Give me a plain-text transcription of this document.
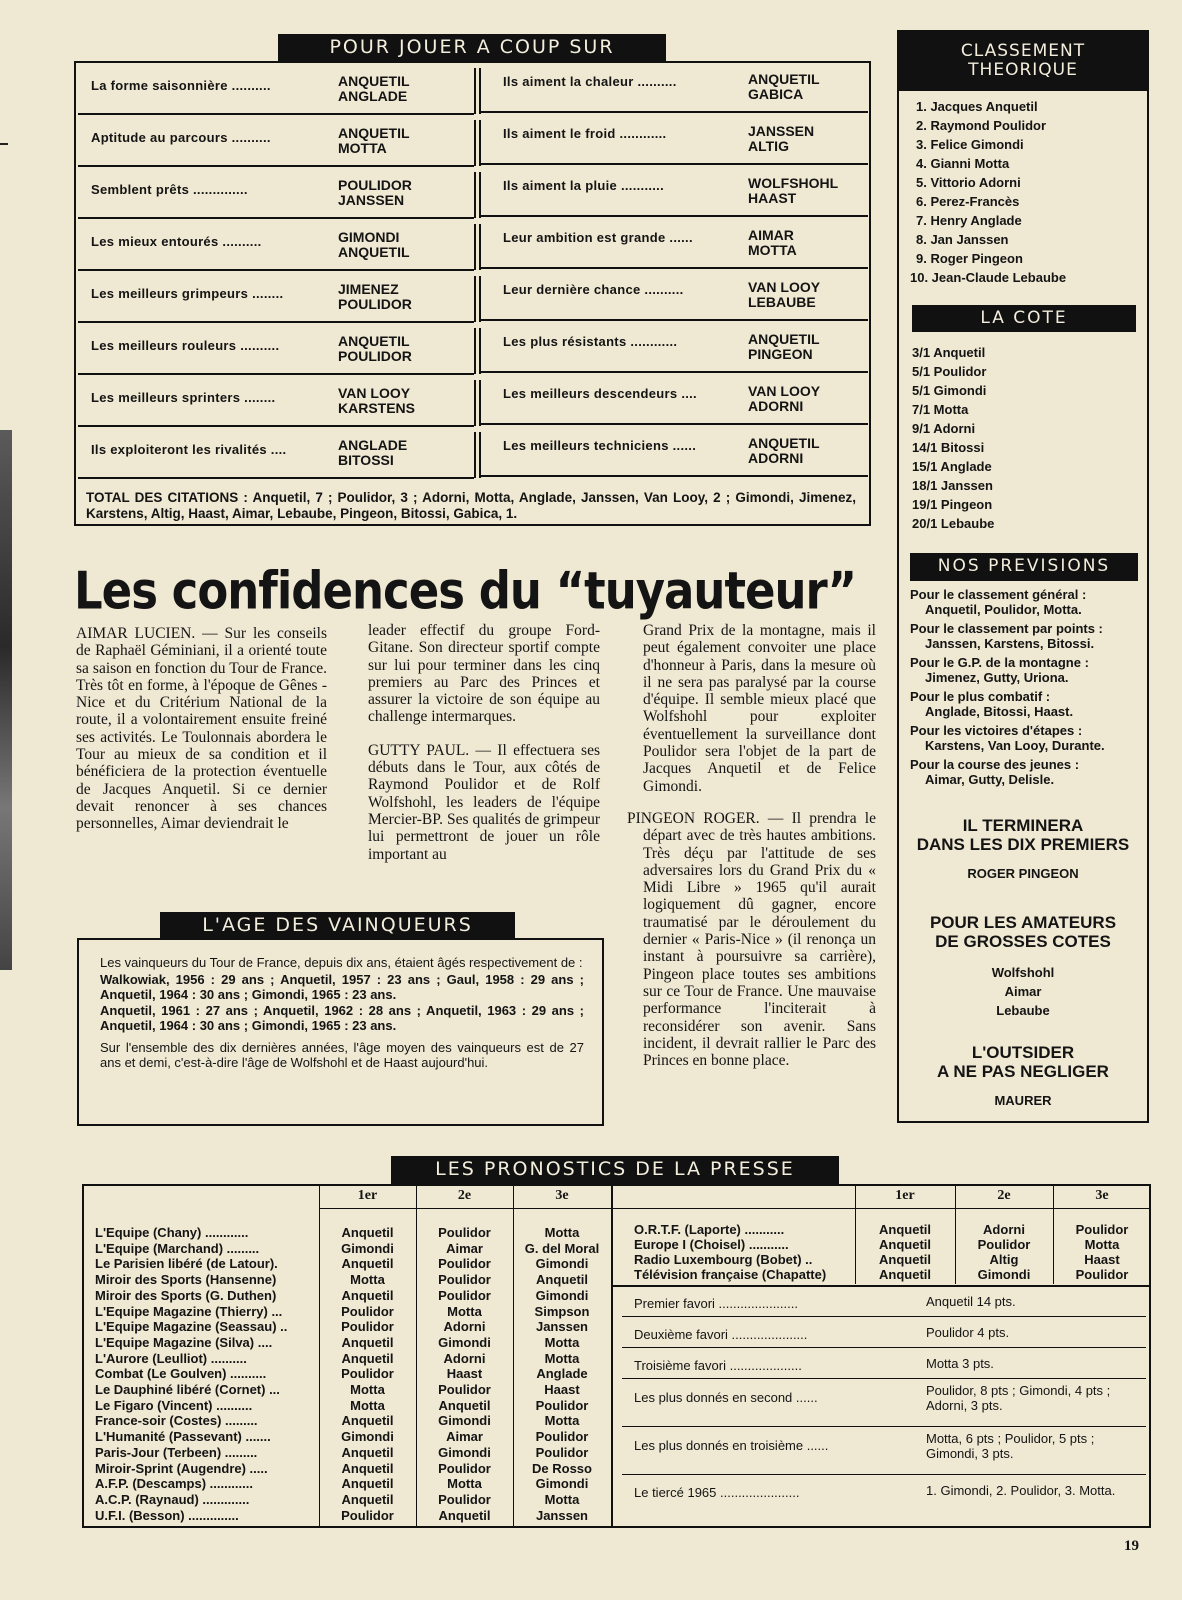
POUR JOUER A COUP SUR
La forme saisonnière ..........	ANQUETIL
ANGLADE
Ils aiment la chaleur ..........	ANQUETIL
GABICA
Aptitude au parcours ..........	ANQUETIL
MOTTA
Ils aiment le froid ............	JANSSEN
ALTIG
Semblent prêts ..............	POULIDOR
JANSSEN
Ils aiment la pluie ...........	WOLFSHOHL
HAAST
Les mieux entourés ..........	GIMONDI
ANQUETIL
Leur ambition est grande ......	AIMAR
MOTTA
Les meilleurs grimpeurs ........	JIMENEZ
POULIDOR
Leur dernière chance ..........	VAN LOOY
LEBAUBE
Les meilleurs rouleurs ..........	ANQUETIL
POULIDOR
Les plus résistants ............	ANQUETIL
PINGEON
Les meilleurs sprinters ........	VAN LOOY
KARSTENS
Les meilleurs descendeurs ....	VAN LOOY
ADORNI
Ils exploiteront les rivalités ....	ANGLADE
BITOSSI
Les meilleurs techniciens ......	ANQUETIL
ADORNI
TOTAL DES CITATIONS : Anquetil, 7 ; Poulidor, 3 ; Adorni, Motta, Anglade, Janssen, Van Looy, 2 ; Gimondi, Jimenez, Karstens, Altig, Haast, Aimar, Lebaube, Pingeon, Bitossi, Gabica, 1.
CLASSEMENT
THEORIQUE
1. Jacques Anquetil
2. Raymond Poulidor
3. Felice Gimondi
4. Gianni Motta
5. Vittorio Adorni
6. Perez-Francès
7. Henry Anglade
8. Jan Janssen
9. Roger Pingeon
10. Jean-Claude Lebaube
LA COTE
3/1 Anquetil
5/1 Poulidor
5/1 Gimondi
7/1 Motta
9/1 Adorni
14/1 Bitossi
15/1 Anglade
18/1 Janssen
19/1 Pingeon
20/1 Lebaube
NOS PREVISIONS
Pour le classement général :
Anquetil, Poulidor, Motta.
Pour le classement par points :
Janssen, Karstens, Bitossi.
Pour le G.P. de la montagne :
Jimenez, Gutty, Uriona.
Pour le plus combatif :
Anglade, Bitossi, Haast.
Pour les victoires d'étapes :
Karstens, Van Looy, Durante.
Pour la course des jeunes :
Aimar, Gutty, Delisle.
IL TERMINERA
DANS LES DIX PREMIERS
ROGER PINGEON
POUR LES AMATEURS
DE GROSSES COTES
Wolfshohl
Aimar
Lebaube
L'OUTSIDER
A NE PAS NEGLIGER
MAURER
Les confidences du “tuyauteur”
AIMAR LUCIEN. — Sur les conseils de Raphaël Géminiani, il a orienté toute sa saison en fonction du Tour de France. Très tôt en forme, à l'époque de Gênes - Nice et du Critérium National de la route, il a volontairement ensuite freiné ses activités. Le Toulonnais abordera le Tour au mieux de sa condition et il bénéficiera de la protection éventuelle de Jacques Anquetil. Si ce dernier devait renoncer à ses chances personnelles, Aimar deviendrait le

leader effectif du groupe Ford-Gitane. Son directeur sportif compte sur lui pour terminer dans les cinq premiers au Parc des Princes et assurer la victoire de son équipe au challenge intermarques.

GUTTY PAUL. — Il effectuera ses débuts dans le Tour, aux côtés de Raymond Poulidor et de Rolf Wolfshohl, les leaders de l'équipe Mercier-BP. Ses qualités de grimpeur lui permettront de jouer un rôle important au

Grand Prix de la montagne, mais il peut également convoiter une place d'honneur à Paris, dans la mesure où il ne sera pas paralysé par la course d'équipe. Il semble mieux placé que Wolfshohl pour exploiter éventuellement la surveillance dont Poulidor sera l'objet de la part de Jacques Anquetil et de Felice Gimondi.

PINGEON ROGER. — Il prendra le départ avec de très hautes ambitions. Très déçu par l'attitude de ses adversaires lors du Grand Prix du « Midi Libre » 1965 qu'il aurait logiquement dû gagner, encore traumatisé par le déroulement du dernier « Paris-Nice » (il renonça un instant à poursuivre sa carrière), Pingeon place toutes ses ambitions sur ce Tour de France. Une mauvaise performance l'inciterait à reconsidérer son avenir. Sans incident, il devrait rallier le Parc des Princes en bonne place.

L'AGE DES VAINQUEURS
Les vainqueurs du Tour de France, depuis dix ans, étaient âgés respectivement de :
Walkowiak, 1956 : 29 ans ; Anquetil, 1957 : 23 ans ; Gaul, 1958 : 29 ans ; Anquetil, 1964 : 30 ans ; Gimondi, 1965 : 23 ans.
Anquetil, 1961 : 27 ans ; Anquetil, 1962 : 28 ans ; Anquetil, 1963 : 29 ans ; Anquetil, 1964 : 30 ans ; Gimondi, 1965 : 23 ans.
Sur l'ensemble des dix dernières années, l'âge moyen des vainqueurs est de 27 ans et demi, c'est-à-dire l'âge de Wolfshohl et de Haast aujourd'hui.
LES PRONOSTICS DE LA PRESSE
1er	2e	3e	1er	2e	3e
L'Equipe (Chany) ............	Anquetil	Poulidor	Motta
L'Equipe (Marchand) .........	Gimondi	Aimar	G. del Moral
Le Parisien libéré (de Latour).	Anquetil	Poulidor	Gimondi
Miroir des Sports (Hansenne)	Motta	Poulidor	Anquetil
Miroir des Sports (G. Duthen)	Anquetil	Poulidor	Gimondi
L'Equipe Magazine (Thierry) ...	Poulidor	Motta	Simpson
L'Equipe Magazine (Seassau) ..	Poulidor	Adorni	Janssen
L'Equipe Magazine (Silva) ....	Anquetil	Gimondi	Motta
L'Aurore (Leulliot) ..........	Anquetil	Adorni	Motta
Combat (Le Goulven) ..........	Poulidor	Haast	Anglade
Le Dauphiné libéré (Cornet) ...	Motta	Poulidor	Haast
Le Figaro (Vincent) ..........	Motta	Anquetil	Poulidor
France-soir (Costes) .........	Anquetil	Gimondi	Motta
L'Humanité (Passevant) .......	Gimondi	Aimar	Poulidor
Paris-Jour (Terbeen) .........	Anquetil	Gimondi	Poulidor
Miroir-Sprint (Augendre) .....	Anquetil	Poulidor	De Rosso
A.F.P. (Descamps) ............	Anquetil	Motta	Gimondi
A.C.P. (Raynaud) .............	Anquetil	Poulidor	Motta
U.F.I. (Besson) ..............	Poulidor	Anquetil	Janssen
O.R.T.F. (Laporte) ...........	Anquetil	Adorni	Poulidor
Europe I (Choisel) ...........	Anquetil	Poulidor	Motta
Radio Luxembourg (Bobet) ..	Anquetil	Altig	Haast
Télévision française (Chapatte)	Anquetil	Gimondi	Poulidor
Premier favori ......................	Anquetil 14 pts.
Deuxième favori .....................	Poulidor 4 pts.
Troisième favori ....................	Motta 3 pts.
Les plus donnés en second ......	Poulidor, 8 pts ; Gimondi, 4 pts ; Adorni, 3 pts.
Les plus donnés en troisième ......	Motta, 6 pts ; Poulidor, 5 pts ; Gimondi, 3 pts.
Le tiercé 1965 ......................	1. Gimondi, 2. Poulidor, 3. Motta.
19
